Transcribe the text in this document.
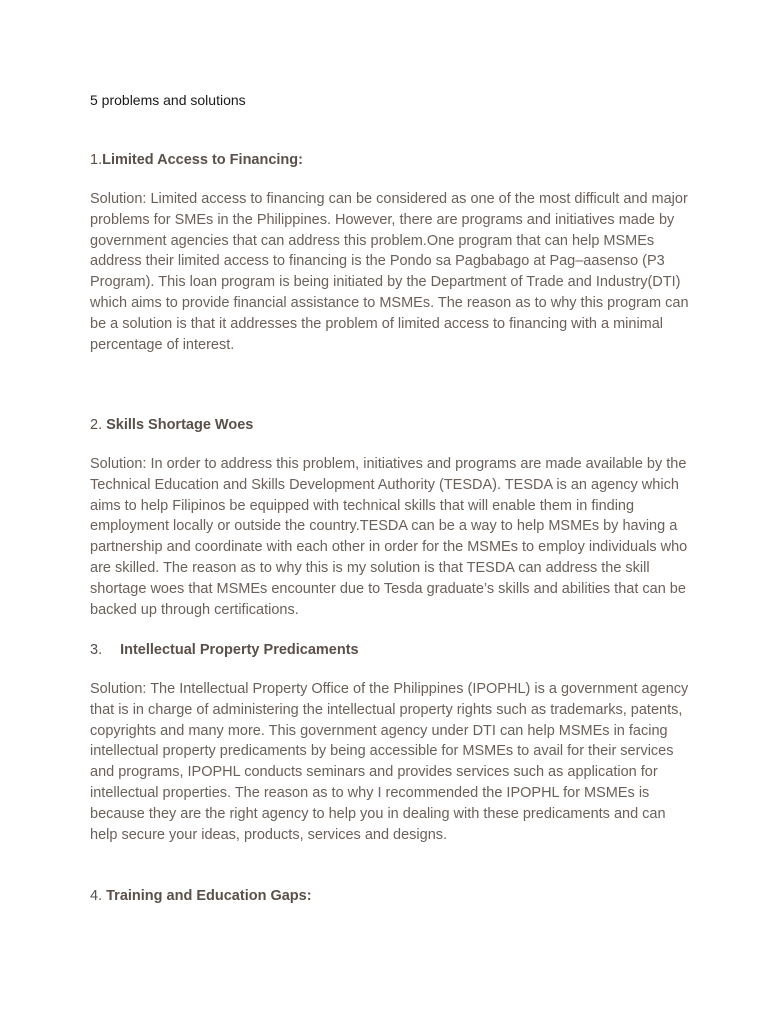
5 problems and solutions

1.Limited Access to Financing:

Solution: Limited access to financing can be considered as one of the most difficult and major problems for SMEs in the Philippines. However, there are programs and initiatives made by government agencies that can address this problem.One program that can help MSMEs address their limited access to financing is the Pondo sa Pagbabago at Pag–aasenso (P3 Program). This loan program is being initiated by the Department of Trade and Industry(DTI) which aims to provide financial assistance to MSMEs. The reason as to why this program can be a solution is that it addresses the problem of limited access to financing with a minimal percentage of interest.

2. Skills Shortage Woes

Solution: In order to address this problem, initiatives and programs are made available by the Technical Education and Skills Development Authority (TESDA). TESDA is an agency which aims to help Filipinos be equipped with technical skills that will enable them in finding employment locally or outside the country.TESDA can be a way to help MSMEs by having a partnership and coordinate with each other in order for the MSMEs to employ individuals who are skilled. The reason as to why this is my solution is that TESDA can address the skill shortage woes that MSMEs encounter due to Tesda graduate’s skills and abilities that can be backed up through certifications.

3. Intellectual Property Predicaments

Solution: The Intellectual Property Office of the Philippines (IPOPHL) is a government agency that is in charge of administering the intellectual property rights such as trademarks, patents, copyrights and many more. This government agency under DTI can help MSMEs in facing intellectual property predicaments by being accessible for MSMEs to avail for their services and programs, IPOPHL conducts seminars and provides services such as application for intellectual properties. The reason as to why I recommended the IPOPHL for MSMEs is because they are the right agency to help you in dealing with these predicaments and can help secure your ideas, products, services and designs.

4. Training and Education Gaps:
